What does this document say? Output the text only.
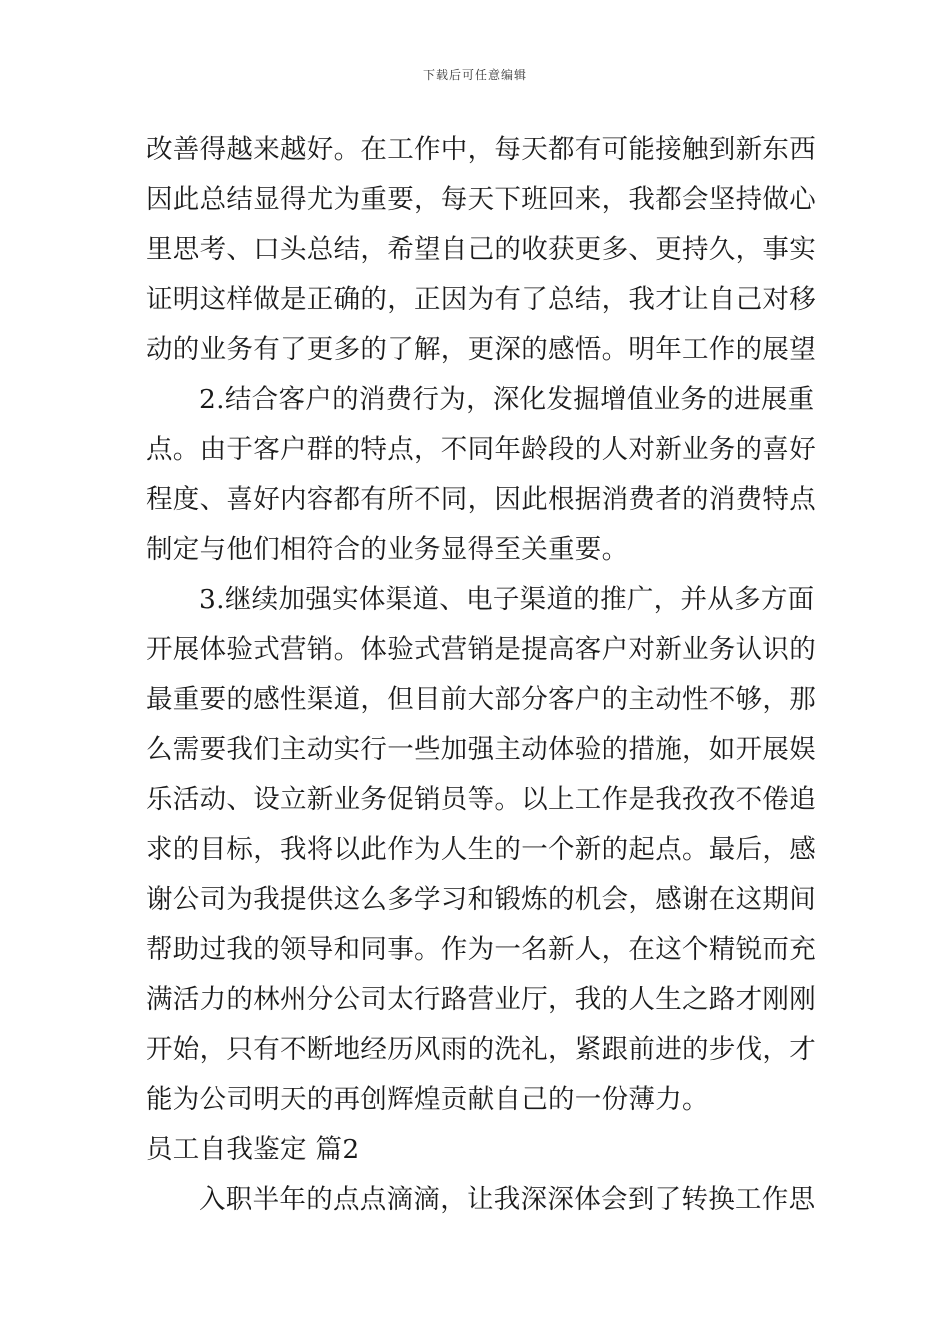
下载后可任意编辑
改善得越来越好。在工作中，每天都有可能接触到新东西
因此总结显得尤为重要，每天下班回来，我都会坚持做心
里思考、口头总结，希望自己的收获更多、更持久，事实
证明这样做是正确的，正因为有了总结，我才让自己对移
动的业务有了更多的了解，更深的感悟。明年工作的展望
2.结合客户的消费行为，深化发掘增值业务的进展重
点。由于客户群的特点，不同年龄段的人对新业务的喜好
程度、喜好内容都有所不同，因此根据消费者的消费特点
制定与他们相符合的业务显得至关重要。
3.继续加强实体渠道、电子渠道的推广，并从多方面
开展体验式营销。体验式营销是提高客户对新业务认识的
最重要的感性渠道，但目前大部分客户的主动性不够，那
么需要我们主动实行一些加强主动体验的措施，如开展娱
乐活动、设立新业务促销员等。以上工作是我孜孜不倦追
求的目标，我将以此作为人生的一个新的起点。最后，感
谢公司为我提供这么多学习和锻炼的机会，感谢在这期间
帮助过我的领导和同事。作为一名新人，在这个精锐而充
满活力的林州分公司太行路营业厅，我的人生之路才刚刚
开始，只有不断地经历风雨的洗礼，紧跟前进的步伐，才
能为公司明天的再创辉煌贡献自己的一份薄力。
员工自我鉴定 篇2
入职半年的点点滴滴，让我深深体会到了转换工作思
